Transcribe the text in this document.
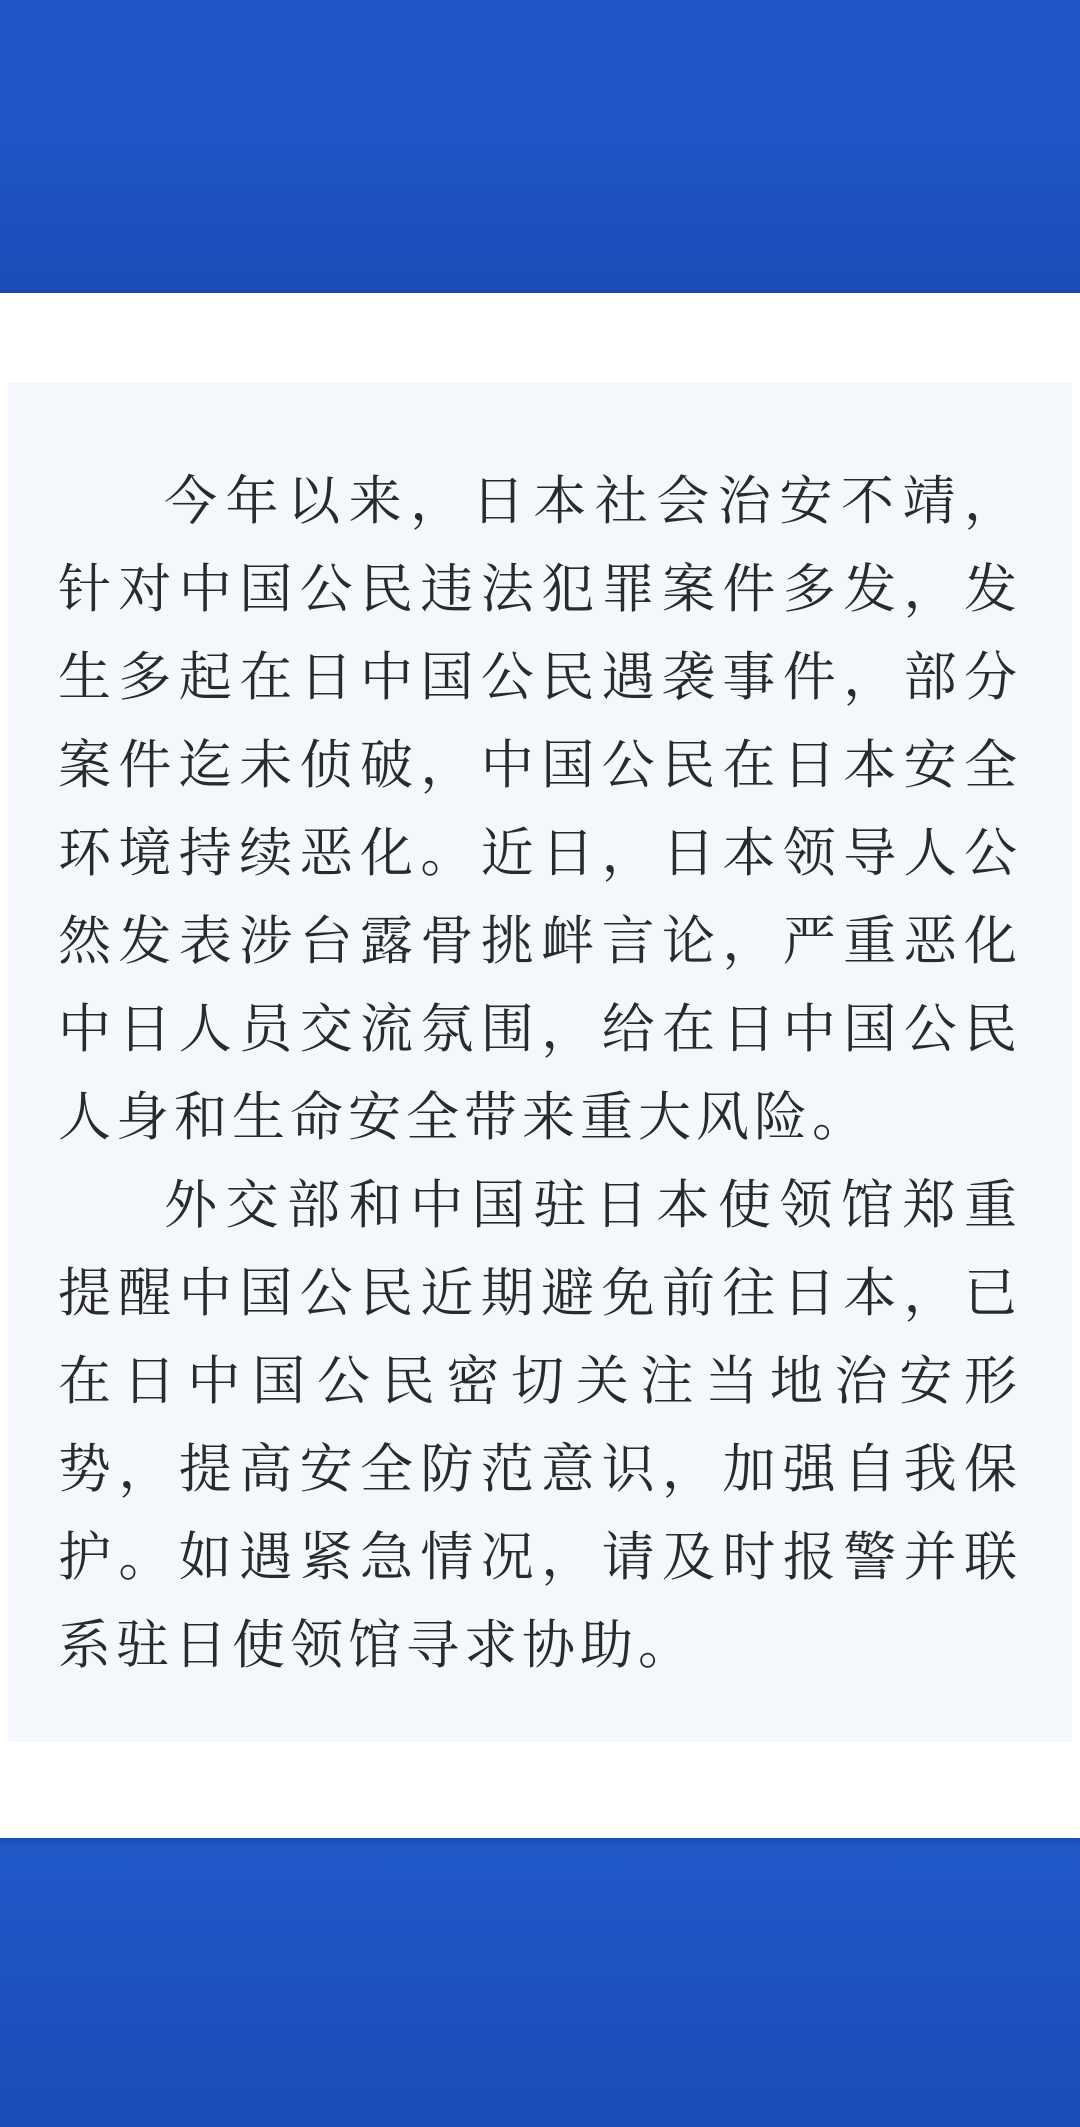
今年以来，日本社会治安不靖，针对中国公民违法犯罪案件多发，发生多起在日中国公民遇袭事件，部分案件迄未侦破，中国公民在日本安全环境持续恶化。近日，日本领导人公然发表涉台露骨挑衅言论，严重恶化中日人员交流氛围，给在日中国公民人身和生命安全带来重大风险。

外交部和中国驻日本使领馆郑重提醒中国公民近期避免前往日本，已在日中国公民密切关注当地治安形势，提高安全防范意识，加强自我保护。如遇紧急情况，请及时报警并联系驻日使领馆寻求协助。
